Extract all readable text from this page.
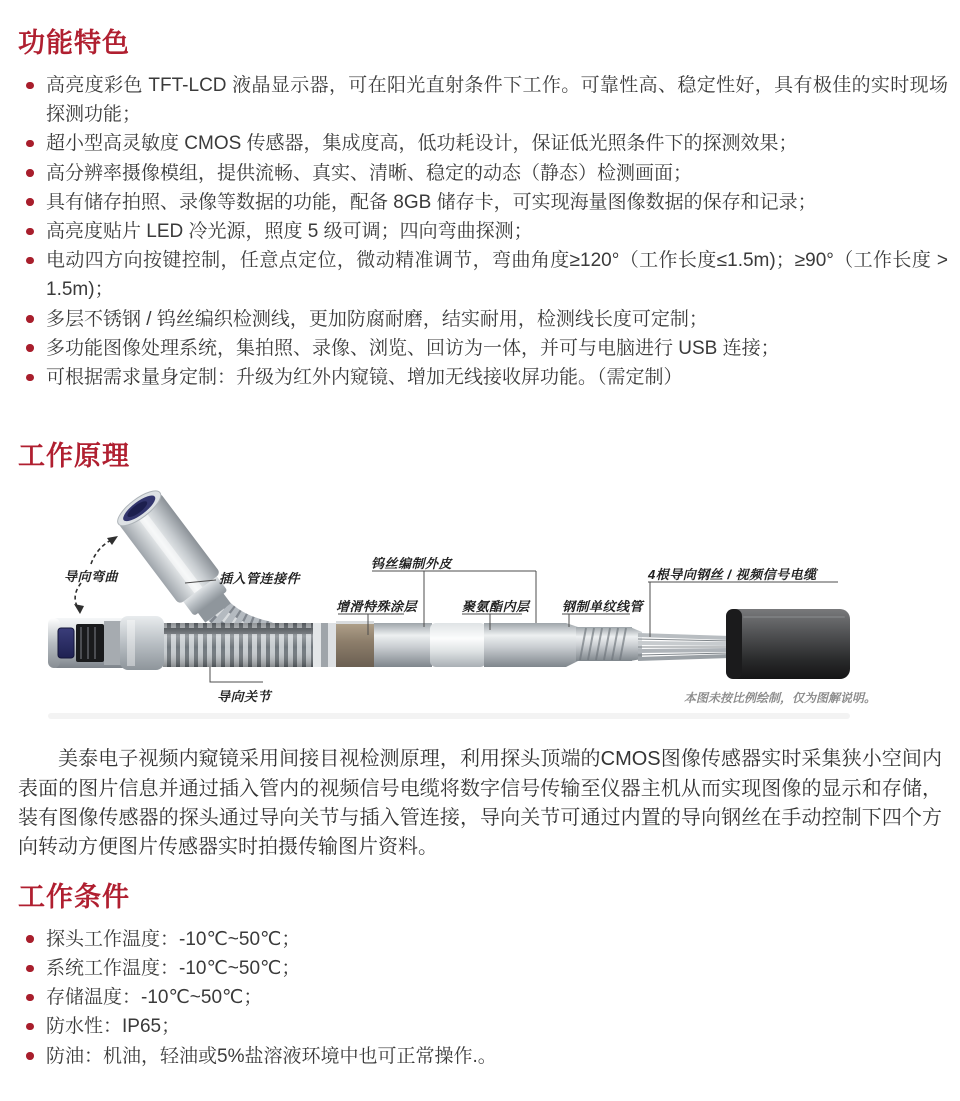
功能特色
高亮度彩色 TFT-LCD 液晶显示器，可在阳光直射条件下工作。可靠性高、稳定性好，具有极佳的实时现场探测功能；
超小型高灵敏度 CMOS 传感器，集成度高，低功耗设计，保证低光照条件下的探测效果；
高分辨率摄像模组，提供流畅、真实、清晰、稳定的动态（静态）检测画面；
具有储存拍照、录像等数据的功能，配备 8GB 储存卡，可实现海量图像数据的保存和记录；
高亮度贴片 LED 冷光源，照度 5 级可调；四向弯曲探测；
电动四方向按键控制，任意点定位，微动精准调节，弯曲角度≥120°（工作长度≤1.5m)；≥90°（工作长度 > 1.5m)；
多层不锈钢 / 钨丝编织检测线，更加防腐耐磨，结实耐用，检测线长度可定制；
多功能图像处理系统，集拍照、录像、浏览、回访为一体，并可与电脑进行 USB 连接；
可根据需求量身定制：升级为红外内窥镜、增加无线接收屏功能。（需定制）
工作原理
导向弯曲	插入管连接件
导向关节
钨丝编制外皮
增滑特殊涂层	聚氨酯内层 钢制单纹线管
4根导向钢丝 / 视频信号电缆
本图未按比例绘制，仅为图解说明。

美泰电子视频内窥镜采用间接目视检测原理，利用探头顶端的CMOS图像传感器实时采集狭小空间内表面的图片信息并通过插入管内的视频信号电缆将数字信号传输至仪器主机从而实现图像的显示和存储，装有图像传感器的探头通过导向关节与插入管连接，导向关节可通过内置的导向钢丝在手动控制下四个方向转动方便图片传感器实时拍摄传输图片资料。

工作条件
探头工作温度：-10℃~50℃；
系统工作温度：-10℃~50℃；
存储温度：-10℃~50℃；
防水性：IP65；
防油：机油，轻油或5%盐溶液环境中也可正常操作.。
